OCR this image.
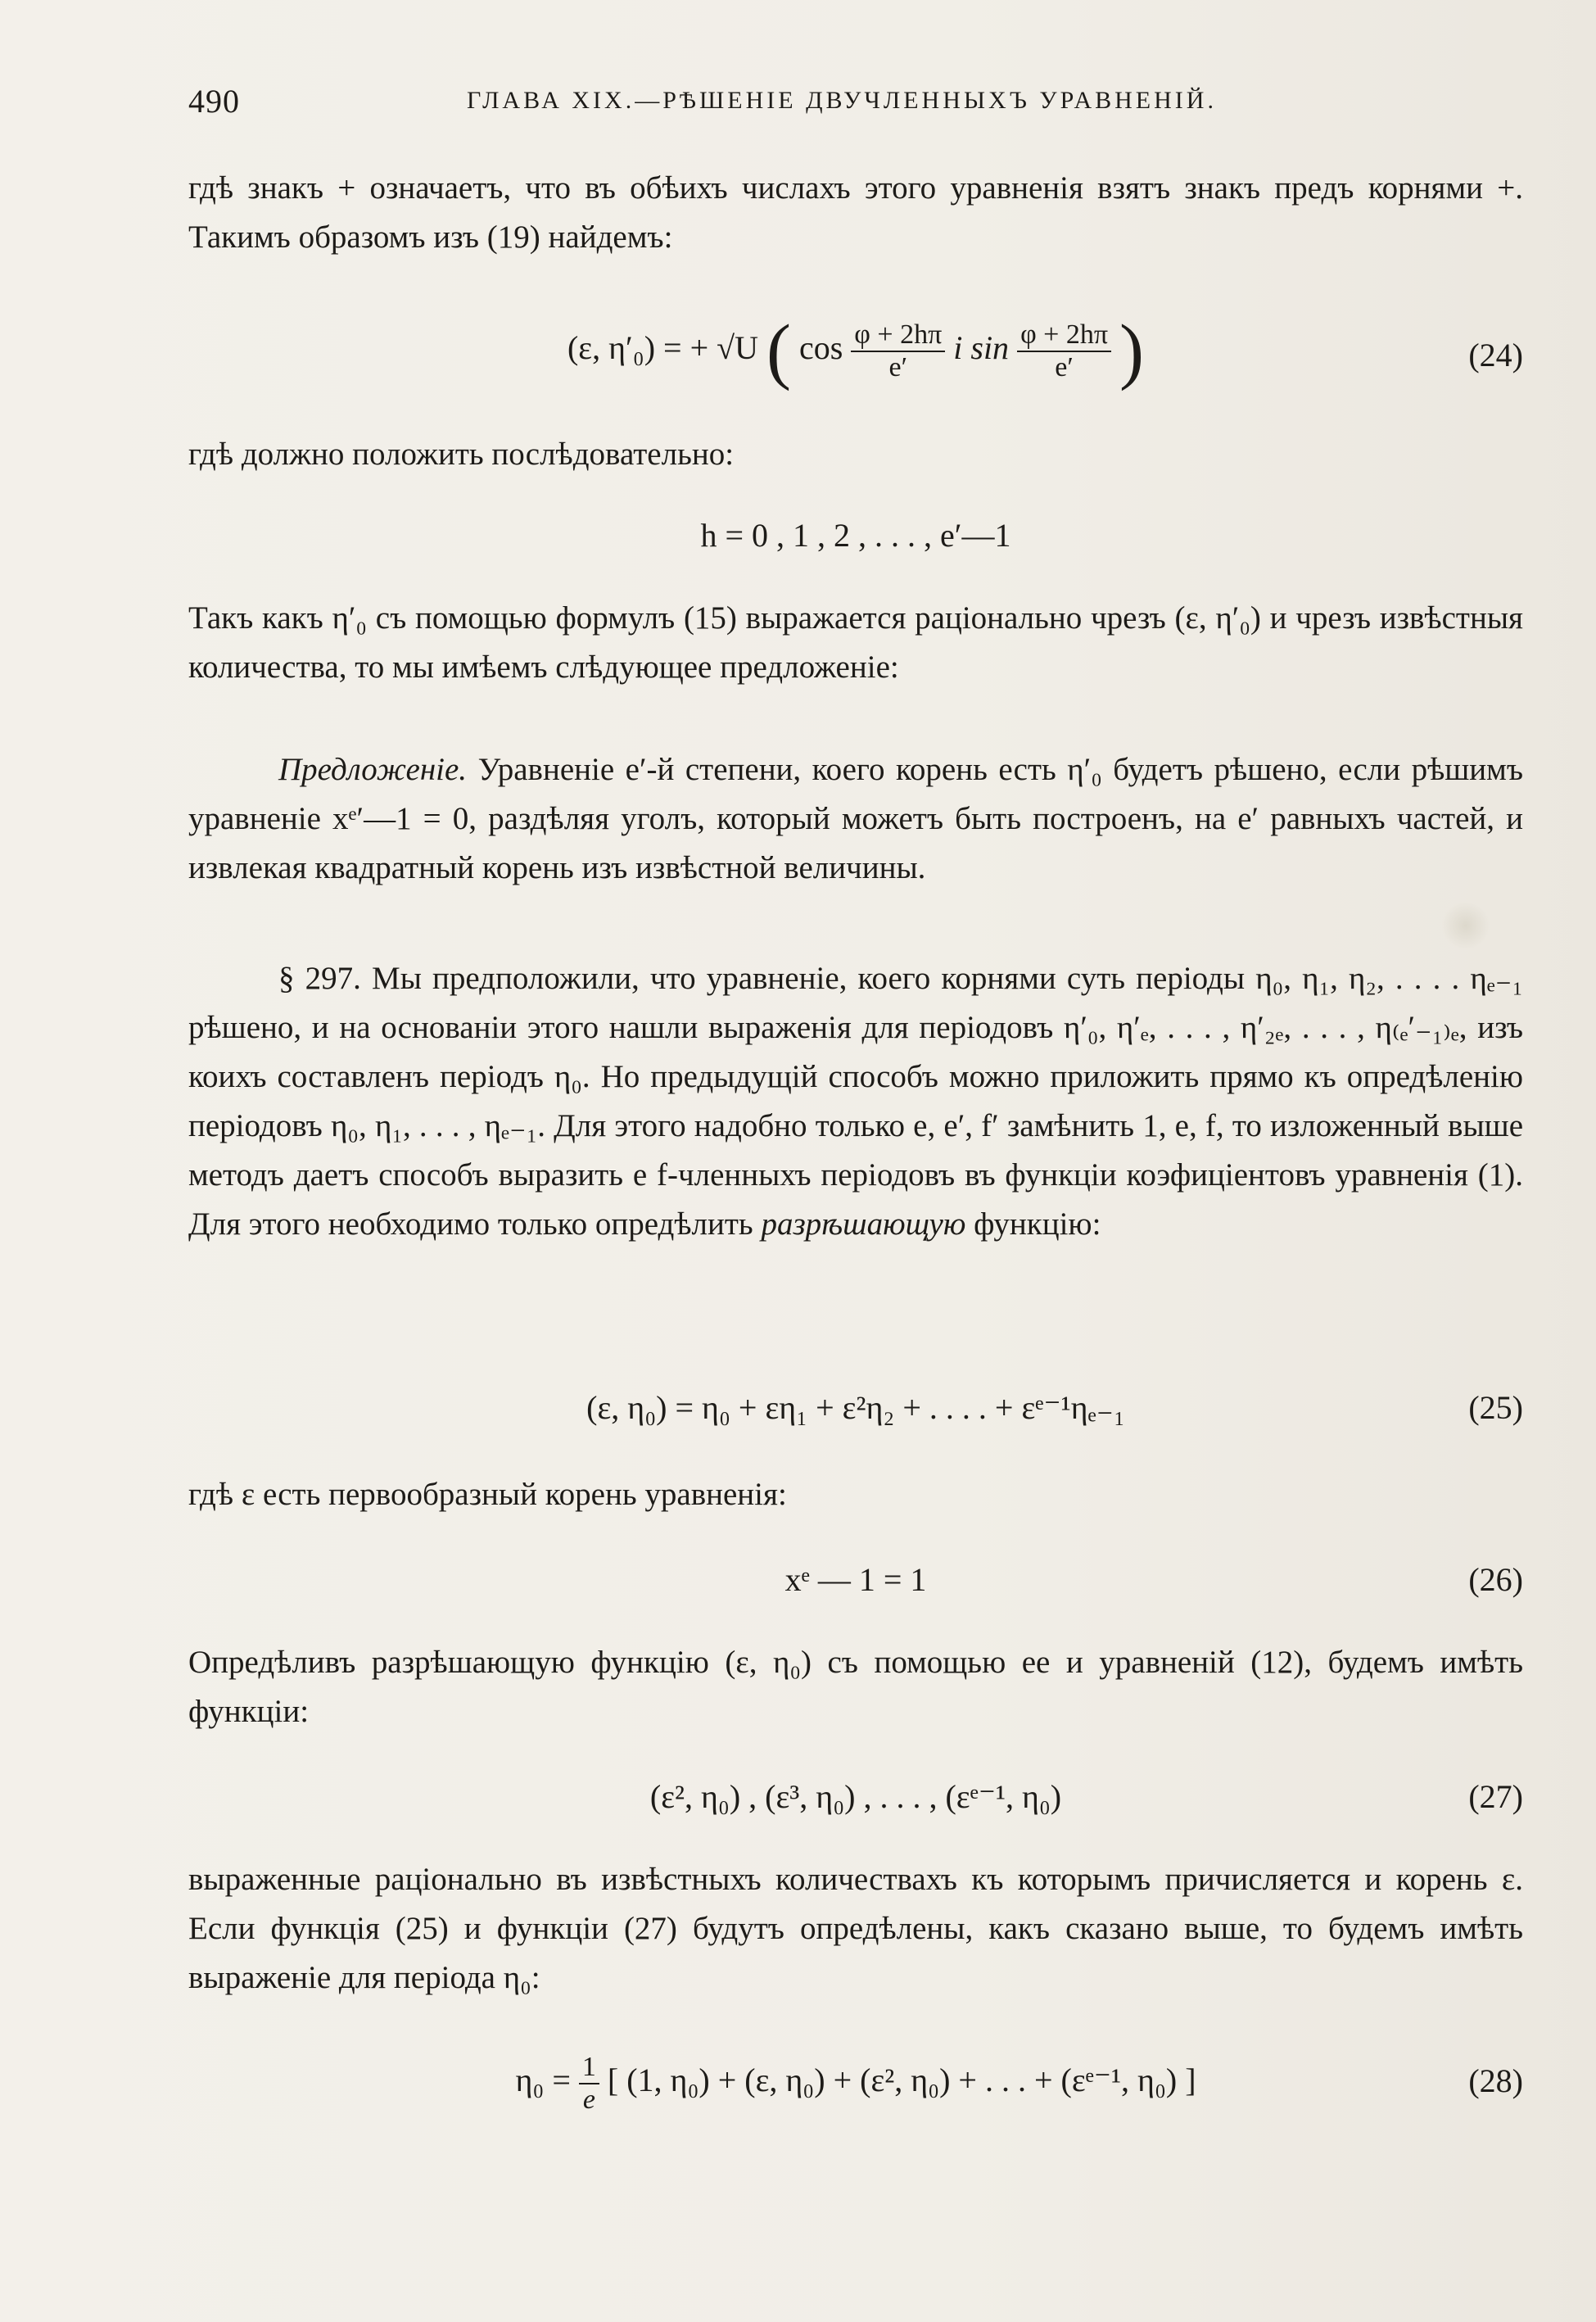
490	ГЛАВА XIX.—РѢШЕНІЕ ДВУЧЛЕННЫХЪ УРАВНЕНІЙ.
гдѣ знакъ + означаетъ, что въ обѣихъ числахъ этого уравненія взятъ знакъ предъ корнями +. Такимъ образомъ изъ (19) найдемъ:
(ε, η′₀) = + √U ( $\cos \frac{\varphi + 2h\pi}{e'}$ i $\sin \frac{\varphi + 2h\pi}{e'}$ )	(24)
гдѣ должно положить послѣдовательно:
h = 0 , 1 , 2 , . . . , e′—1
Такъ какъ η′₀ съ помощью формулъ (15) выражается раціонально чрезъ (ε, η′₀) и чрезъ извѣстныя количества, то мы имѣемъ слѣдующее предложеніе:
Предложеніе. Уравненіе e′-й степени, коего корень есть η′₀ будетъ рѣшено, если рѣшимъ уравненіе xᵉ′—1 = 0, раздѣляя уголъ, который можетъ быть построенъ, на e′ равныхъ частей, и извлекая квадратный корень изъ извѣстной величины.
§ 297. Мы предположили, что уравненіе, коего корнями суть періоды η₀, η₁, η₂, . . . . ηₑ₋₁ рѣшено, и на основаніи этого нашли выраженія для періодовъ η′₀, η′ₑ, . . . , η′₂ₑ, . . . , η₍ₑ′₋₁₎ₑ, изъ коихъ составленъ періодъ η₀. Но предыдущій способъ можно приложить прямо къ опредѣленію періодовъ η₀, η₁, . . . , ηₑ₋₁. Для этого надобно только e, e′, f′ замѣнить 1, e, f, то изложенный выше методъ даетъ способъ выразить e f-членныхъ періодовъ въ функціи коэфиціентовъ уравненія (1). Для этого необходимо только опредѣлить разрѣшающую функцію:
(ε, η₀) = η₀ + εη₁ + ε²η₂ + . . . . + εᵉ⁻¹ηₑ₋₁	(25)
гдѣ ε есть первообразный корень уравненія:
xᵉ — 1 = 1	(26)
Опредѣливъ разрѣшающую функцію (ε, η₀) съ помощью ее и уравненій (12), будемъ имѣть функціи:
(ε², η₀) , (ε³, η₀) , . . . , (εᵉ⁻¹, η₀)	(27)
выраженные раціонально въ извѣстныхъ количествахъ къ которымъ причисляется и корень ε. Если функція (25) и функціи (27) будутъ опредѣлены, какъ сказано выше, то будемъ имѣть выраженіе для періода η₀:
$\eta_0 = \frac{1}{e}$ [ (1, η₀) + (ε, η₀) + (ε², η₀) + . . . + (εᵉ⁻¹, η₀) ]	(28)
